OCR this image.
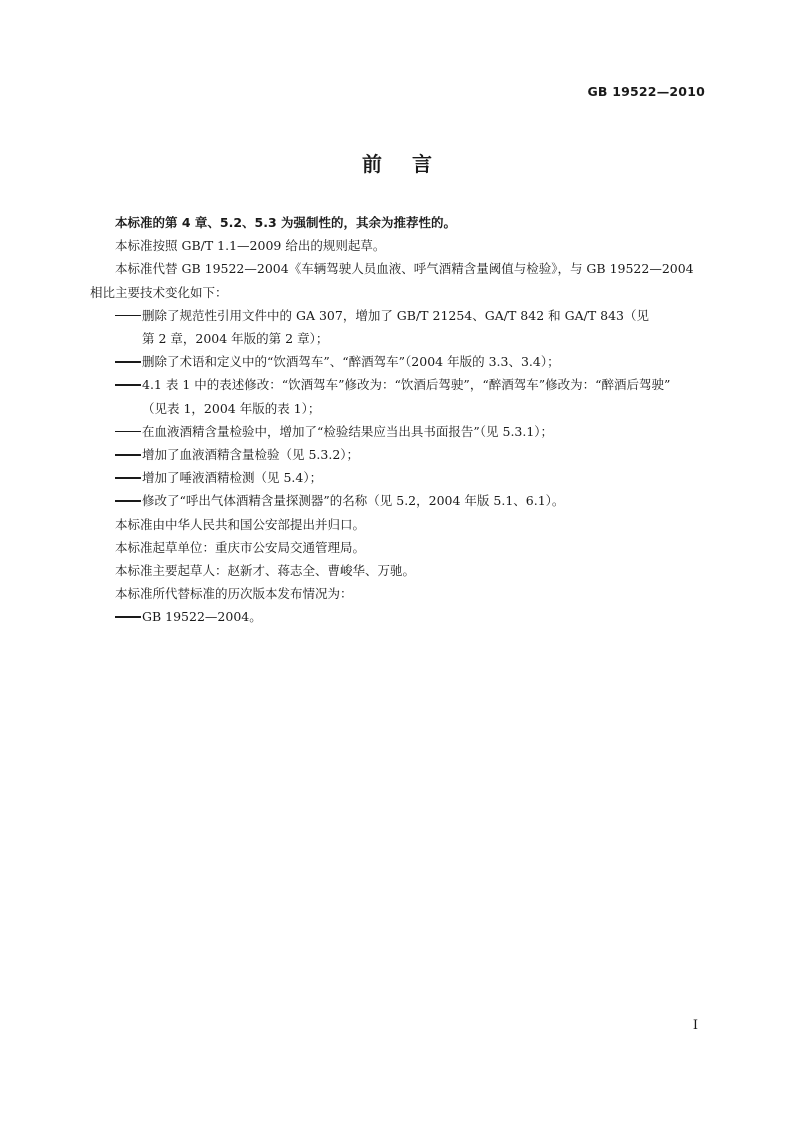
GB 19522—2010
前 言

本标准的第 4 章、5.2、5.3 为强制性的，其余为推荐性的。

本标准按照 GB/T 1.1—2009 给出的规则起草。

本标准代替 GB 19522—2004《车辆驾驶人员血液、呼气酒精含量阈值与检验》，与 GB 19522—2004
相比主要技术变化如下：

删除了规范性引用文件中的 GA 307，增加了 GB/T 21254、GA/T 842 和 GA/T 843（见
第 2 章，2004 年版的第 2 章）；
删除了术语和定义中的“饮酒驾车”、“醉酒驾车”（2004 年版的 3.3、3.4）；
4.1 表 1 中的表述修改：“饮酒驾车”修改为：“饮酒后驾驶”，“醉酒驾车”修改为：“醉酒后驾驶”
（见表 1，2004 年版的表 1）；
在血液酒精含量检验中，增加了“检验结果应当出具书面报告”（见 5.3.1）；
增加了血液酒精含量检验（见 5.3.2）；
增加了唾液酒精检测（见 5.4）；
修改了“呼出气体酒精含量探测器”的名称（见 5.2，2004 年版 5.1、6.1）。

本标准由中华人民共和国公安部提出并归口。

本标准起草单位：重庆市公安局交通管理局。

本标准主要起草人：赵新才、蒋志全、曹峻华、万驰。

本标准所代替标准的历次版本发布情况为：

GB 19522—2004。
I
